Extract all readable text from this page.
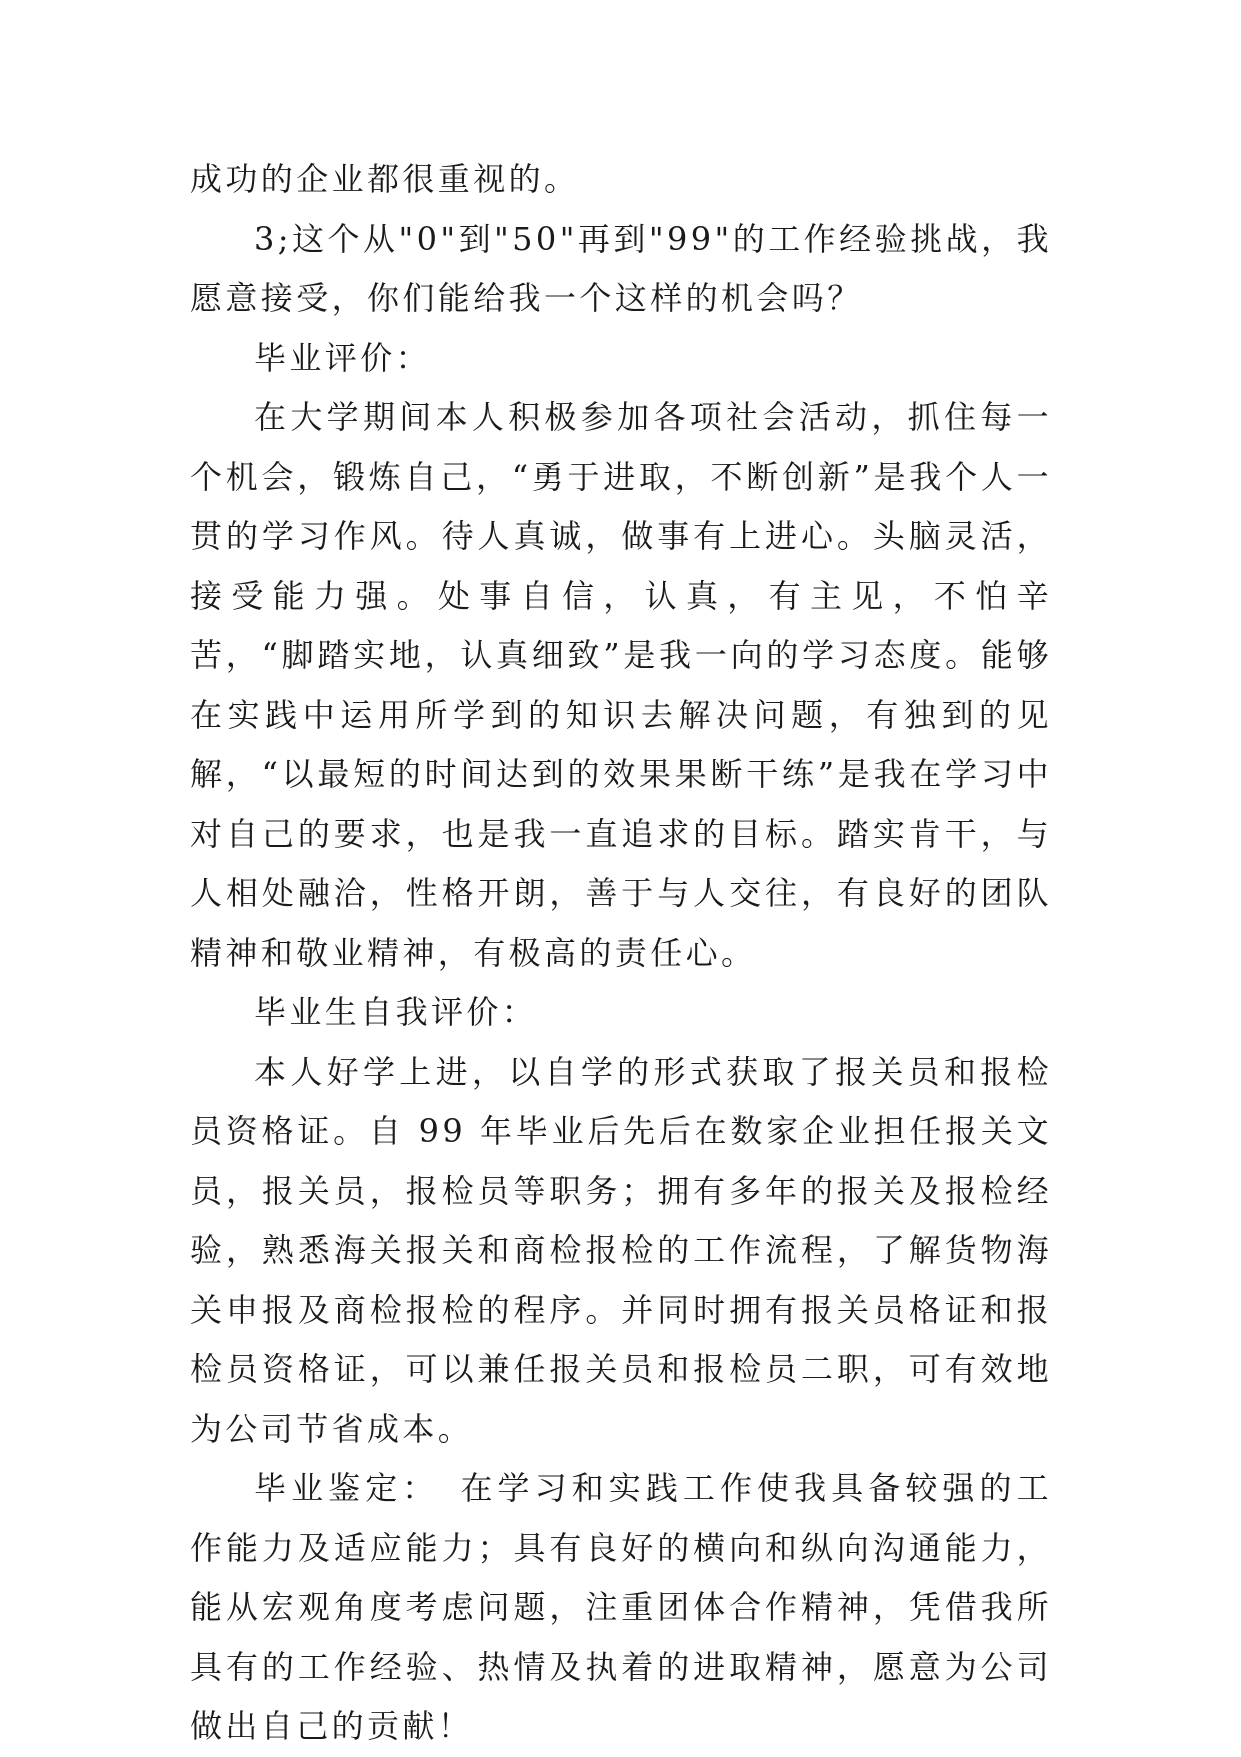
成功的企业都很重视的。

3;这个从"0"到"50"再到"99"的工作经验挑战，我愿意接受，你们能给我一个这样的机会吗？

毕业评价：

在大学期间本人积极参加各项社会活动，抓住每一个机会，锻炼自己，“勇于进取，不断创新”是我个人一贯的学习作风。待人真诚，做事有上进心。头脑灵活，接受能力强。处事自信，认真，有主见，不怕辛苦，“脚踏实地，认真细致”是我一向的学习态度。能够在实践中运用所学到的知识去解决问题，有独到的见解，“以最短的时间达到的效果果断干练”是我在学习中对自己的要求，也是我一直追求的目标。踏实肯干，与人相处融洽，性格开朗，善于与人交往，有良好的团队精神和敬业精神，有极高的责任心。

毕业生自我评价：

本人好学上进，以自学的形式获取了报关员和报检员资格证。自 99 年毕业后先后在数家企业担任报关文员，报关员，报检员等职务；拥有多年的报关及报检经验，熟悉海关报关和商检报检的工作流程，了解货物海关申报及商检报检的程序。并同时拥有报关员格证和报检员资格证，可以兼任报关员和报检员二职，可有效地为公司节省成本。

毕业鉴定：　在学习和实践工作使我具备较强的工作能力及适应能力；具有良好的横向和纵向沟通能力，能从宏观角度考虑问题，注重团体合作精神，凭借我所具有的工作经验、热情及执着的进取精神，愿意为公司做出自己的贡献！
